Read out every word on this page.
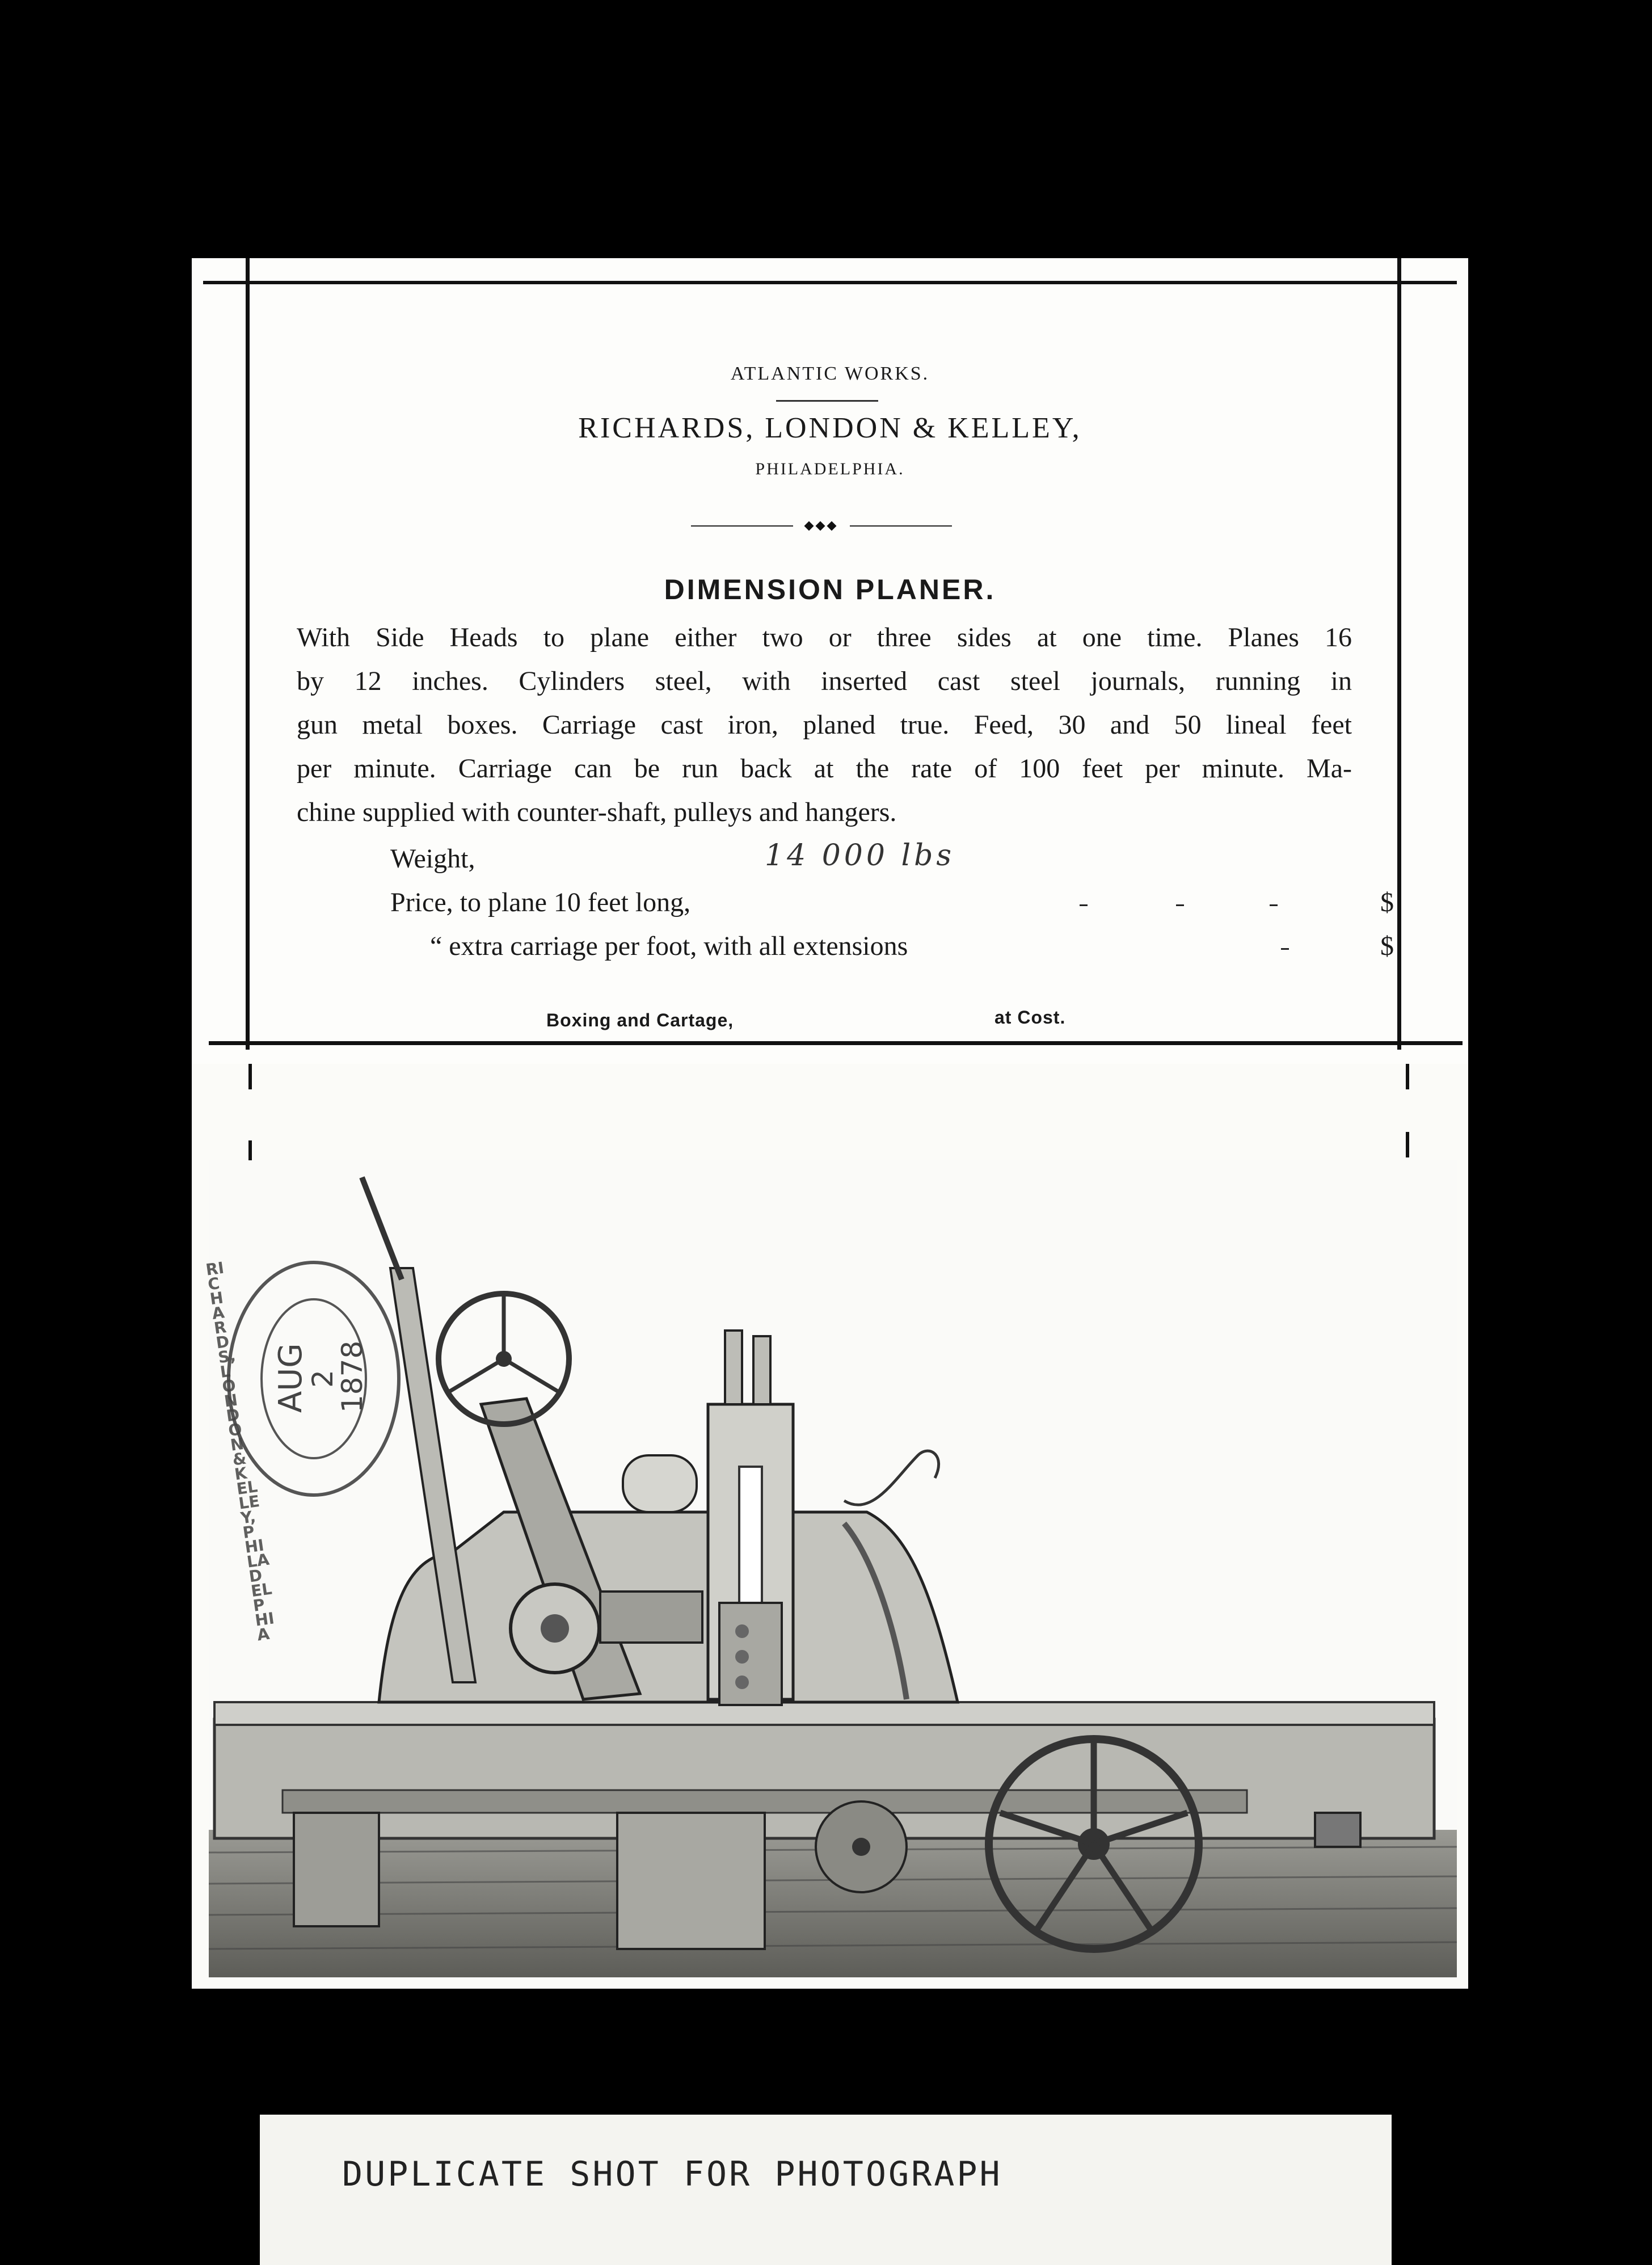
ATLANTIC WORKS.
RICHARDS, LONDON & KELLEY,
PHILADELPHIA.
DIMENSION PLANER.
With Side Heads to plane either two or three sides at one time. Planes 16
by 12 inches. Cylinders steel, with inserted cast steel journals, running in
gun metal boxes. Carriage cast iron, planed true. Feed, 30 and 50 lineal feet
per minute. Carriage can be run back at the rate of 100 feet per minute. Ma-
chine supplied with counter-shaft, pulleys and hangers.
Weight,	14 000 lbs
Price, to plane 10 feet long,	$
“ extra carriage per foot, with all extensions	$
Boxing and Cartage,	at Cost.
RICHARDS, LONDON & KELLEY, PHILADELPHIA
AUG
2
1878
DUPLICATE SHOT FOR PHOTOGRAPH
